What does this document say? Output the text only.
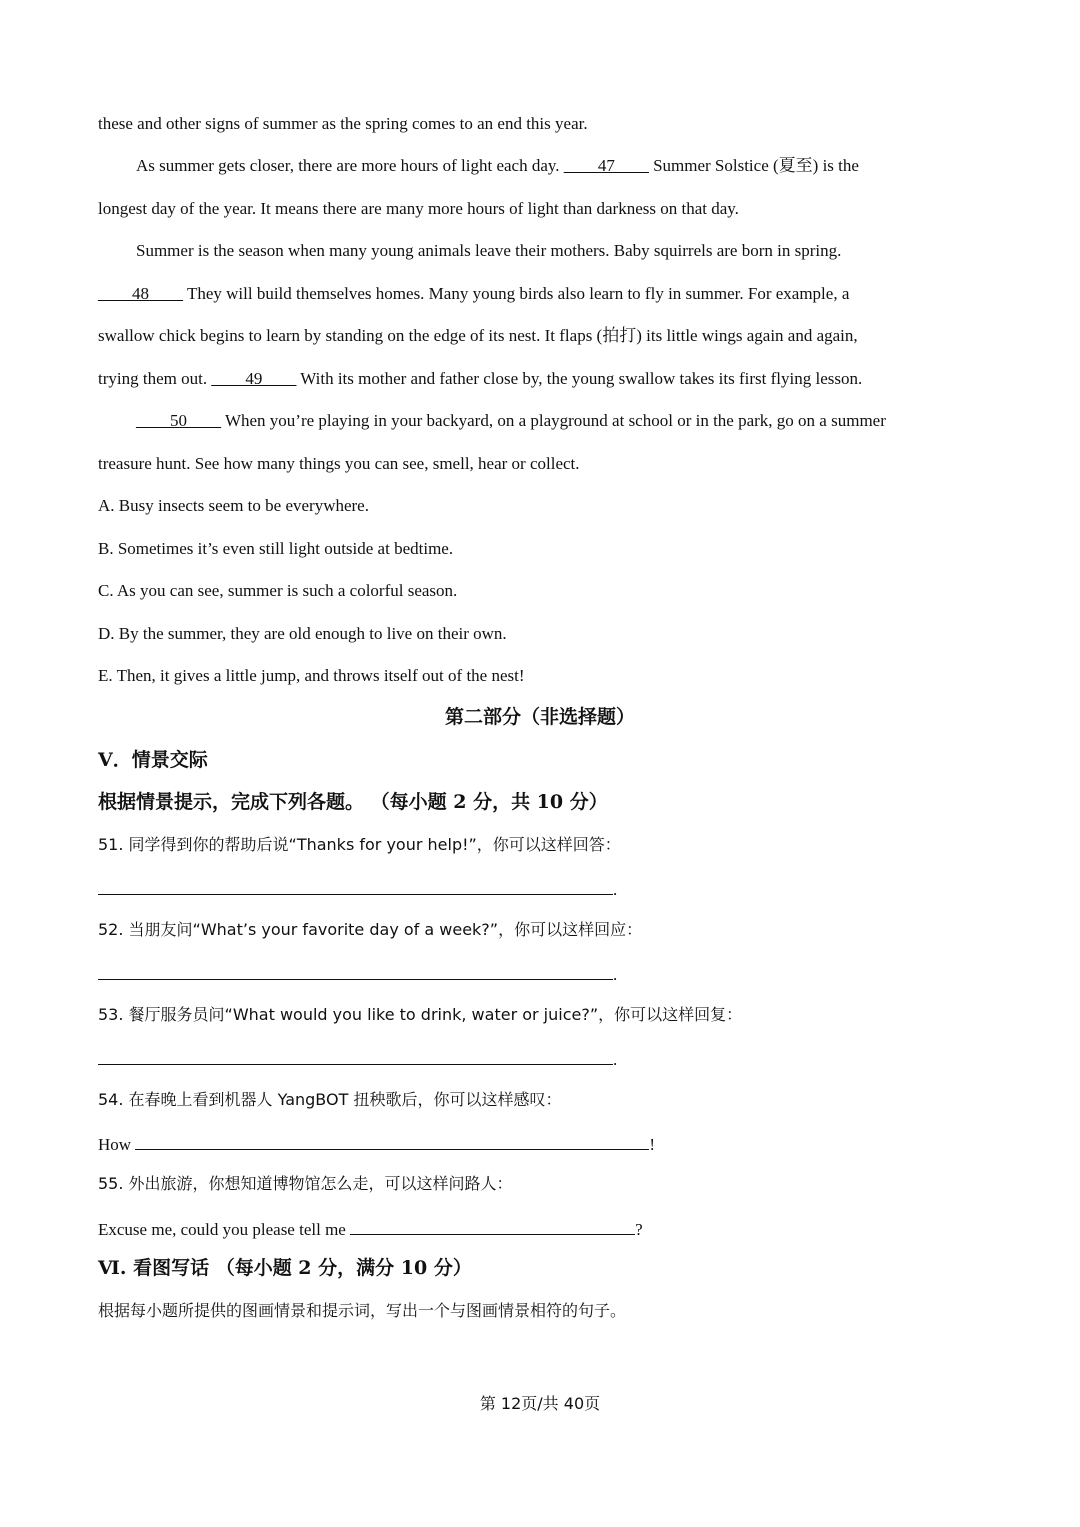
these and other signs of summer as the spring comes to an end this year.
As summer gets closer, there are more hours of light each day. ____47____ Summer Solstice (夏至) is the
longest day of the year. It means there are many more hours of light than darkness on that day.
Summer is the season when many young animals leave their mothers. Baby squirrels are born in spring.
____48____ They will build themselves homes. Many young birds also learn to fly in summer. For example, a
swallow chick begins to learn by standing on the edge of its nest. It flaps (拍打) its little wings again and again,
trying them out. ____49____ With its mother and father close by, the young swallow takes its first flying lesson.
____50____ When you’re playing in your backyard, on a playground at school or in the park, go on a summer
treasure hunt. See how many things you can see, smell, hear or collect.
A. Busy insects seem to be everywhere.
B. Sometimes it’s even still light outside at bedtime.
C. As you can see, summer is such a colorful season.
D. By the summer, they are old enough to live on their own.
E. Then, it gives a little jump, and throws itself out of the nest!
第二部分（非选择题）
V．情景交际
根据情景提示，完成下列各题。 （每小题 2 分，共 10 分）
51. 同学得到你的帮助后说“Thanks for your help!”，你可以这样回答：
.
52. 当朋友问“What’s your favorite day of a week?”，你可以这样回应：
.
53. 餐厅服务员问“What would you like to drink, water or juice?”，你可以这样回复：
.
54. 在春晚上看到机器人 YangBOT 扭秧歌后，你可以这样感叹：
How	!
55. 外出旅游，你想知道博物馆怎么走，可以这样问路人：
Excuse me, could you please tell me	?
Ⅵ. 看图写话 （每小题 2 分，满分 10 分）
根据每小题所提供的图画情景和提示词，写出一个与图画情景相符的句子。
第 12页/共 40页
